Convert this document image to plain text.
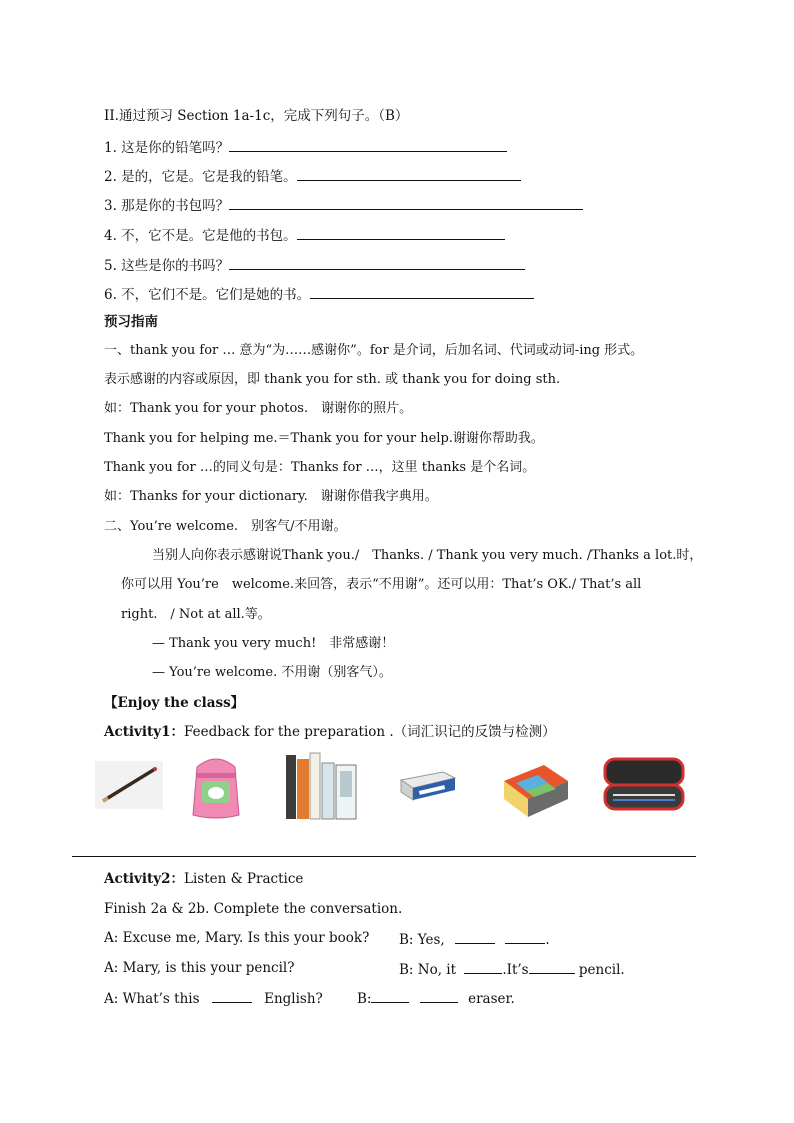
II.通过预习 Section 1a-1c，完成下列句子。（B）
1. 这是你的铅笔吗？
2. 是的，它是。它是我的铅笔。
3. 那是你的书包吗？
4. 不，它不是。它是他的书包。
5. 这些是你的书吗？
6. 不，它们不是。它们是她的书。
预习指南
一、thank you for … 意为“为……感谢你”。for 是介词，后加名词、代词或动词-ing 形式。
表示感谢的内容或原因，即 thank you for sth. 或 thank you for doing sth.
如：Thank you for your photos.　谢谢你的照片。
Thank you for helping me.＝Thank you for your help.谢谢你帮助我。
Thank you for …的同义句是：Thanks for …，这里 thanks 是个名词。
如：Thanks for your dictionary.　谢谢你借我字典用。
二、You’re welcome.　别客气/不用谢。
当别人向你表示感谢说Thank you./　Thanks. / Thank you very much. /Thanks a lot.时，
你可以用 You’re　welcome.来回答，表示“不用谢”。还可以用：That’s OK./ That’s all
right.　/ Not at all.等。
— Thank you very much!　非常感谢！
— You’re welcome. 不用谢（别客气）。
【Enjoy the class】
Activity1：Feedback for the preparation .（词汇识记的反馈与检测）
Activity2：Listen & Practice
Finish 2a & 2b. Complete the conversation.
A: Excuse me, Mary. Is this your book? B: Yes,	.
A: Mary, is this your pencil?	B: No, it	.It’s	pencil.
A: What’s this	English?	B:	eraser.
